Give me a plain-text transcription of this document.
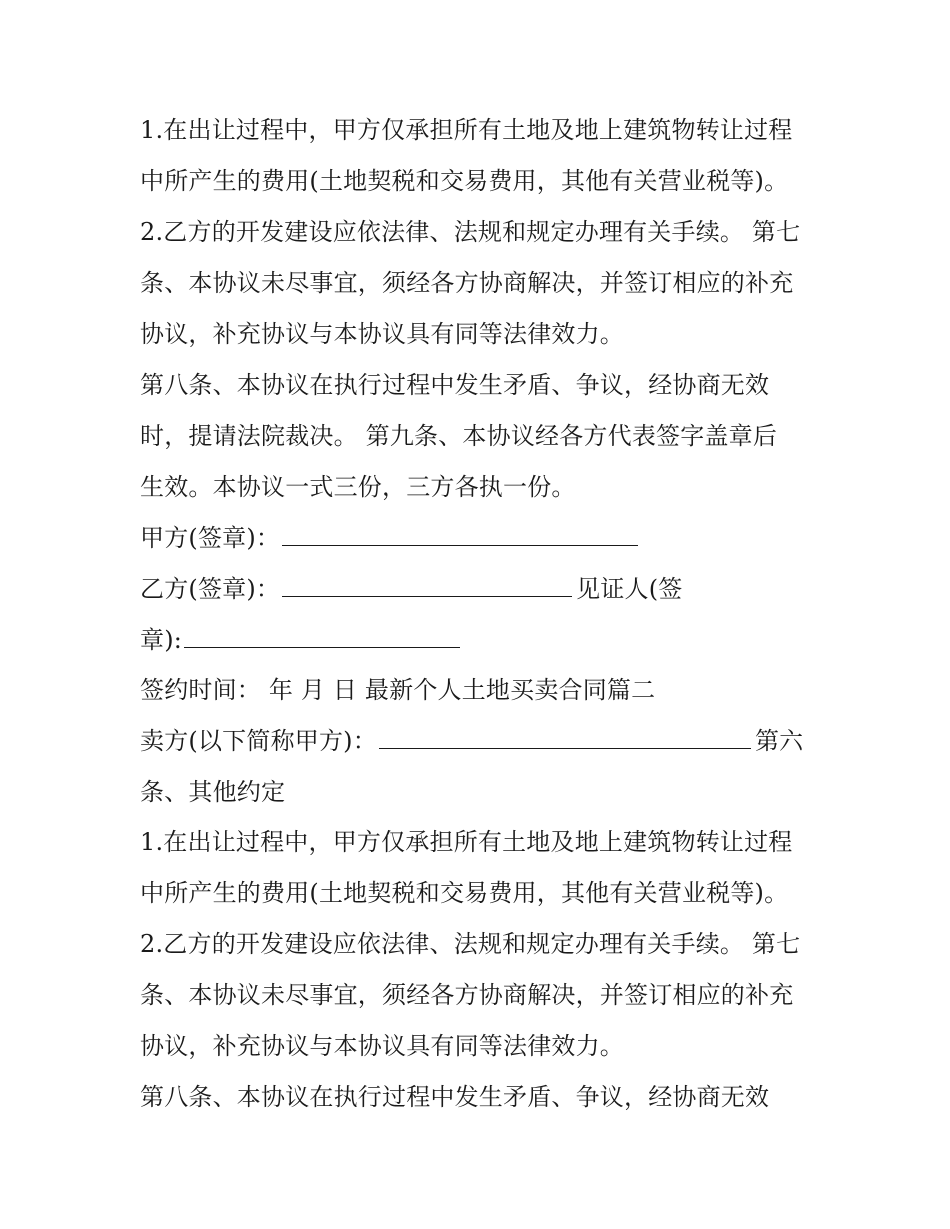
1.在出让过程中，甲方仅承担所有土地及地上建筑物转让过程
中所产生的费用(土地契税和交易费用，其他有关营业税等)。
2.乙方的开发建设应依法律、法规和规定办理有关手续。 第七
条、本协议未尽事宜，须经各方协商解决，并签订相应的补充
协议，补充协议与本协议具有同等法律效力。
第八条、本协议在执行过程中发生矛盾、争议，经协商无效
时，提请法院裁决。 第九条、本协议经各方代表签字盖章后
生效。本协议一式三份，三方各执一份。
甲方(签章)：
乙方(签章)：	见证人(签
章):
签约时间： 年 月 日 最新个人土地买卖合同篇二
卖方(以下简称甲方)：	第六
条、其他约定
1.在出让过程中，甲方仅承担所有土地及地上建筑物转让过程
中所产生的费用(土地契税和交易费用，其他有关营业税等)。
2.乙方的开发建设应依法律、法规和规定办理有关手续。 第七
条、本协议未尽事宜，须经各方协商解决，并签订相应的补充
协议，补充协议与本协议具有同等法律效力。
第八条、本协议在执行过程中发生矛盾、争议，经协商无效
